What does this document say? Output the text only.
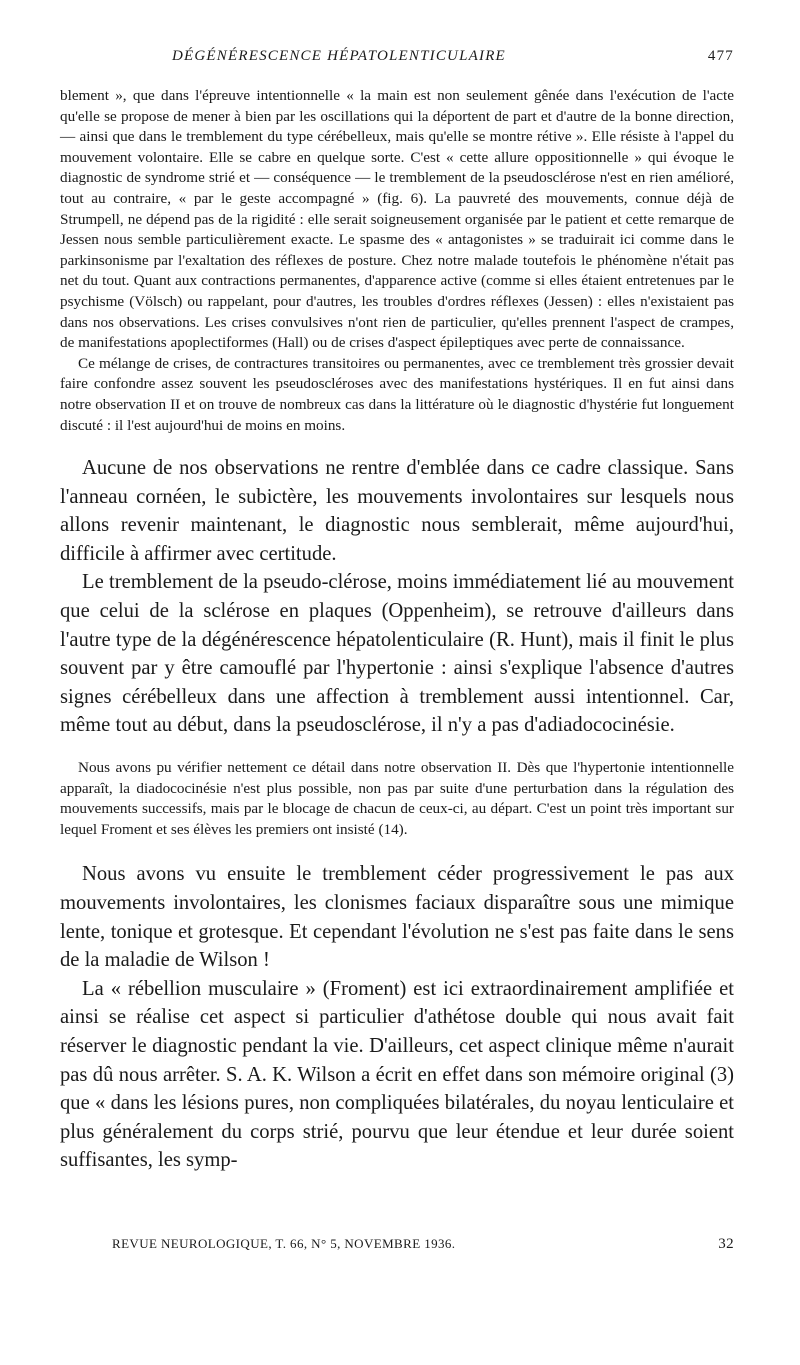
DÉGÉNÉRESCENCE HÉPATOLENTICULAIRE	477

blement », que dans l'épreuve intentionnelle « la main est non seulement gênée dans l'exécution de l'acte qu'elle se propose de mener à bien par les oscillations qui la déportent de part et d'autre de la bonne direction, — ainsi que dans le tremblement du type cérébelleux, mais qu'elle se montre rétive ». Elle résiste à l'appel du mouvement volontaire. Elle se cabre en quelque sorte. C'est « cette allure oppositionnelle » qui évoque le diagnostic de syndrome strié et — conséquence — le tremblement de la pseudosclérose n'est en rien amélioré, tout au contraire, « par le geste accompagné » (fig. 6). La pauvreté des mouvements, connue déjà de Strumpell, ne dépend pas de la rigidité : elle serait soigneusement organisée par le patient et cette remarque de Jessen nous semble particulièrement exacte. Le spasme des « antagonistes » se traduirait ici comme dans le parkinsonisme par l'exaltation des réflexes de posture. Chez notre malade toutefois le phénomène n'était pas net du tout. Quant aux contractions permanentes, d'apparence active (comme si elles étaient entretenues par le psychisme (Völsch) ou rappelant, pour d'autres, les troubles d'ordres réflexes (Jessen) : elles n'existaient pas dans nos observations. Les crises convulsives n'ont rien de particulier, qu'elles prennent l'aspect de crampes, de manifestations apoplectiformes (Hall) ou de crises d'aspect épileptiques avec perte de connaissance.

Ce mélange de crises, de contractures transitoires ou permanentes, avec ce tremblement très grossier devait faire confondre assez souvent les pseudoscléroses avec des manifestations hystériques. Il en fut ainsi dans notre observation II et on trouve de nombreux cas dans la littérature où le diagnostic d'hystérie fut longuement discuté : il l'est aujourd'hui de moins en moins.

Aucune de nos observations ne rentre d'emblée dans ce cadre classique. Sans l'anneau cornéen, le subictère, les mouvements involontaires sur lesquels nous allons revenir maintenant, le diagnostic nous semblerait, même aujourd'hui, difficile à affirmer avec certitude.

Le tremblement de la pseudo-clérose, moins immédiatement lié au mouvement que celui de la sclérose en plaques (Oppenheim), se retrouve d'ailleurs dans l'autre type de la dégénérescence hépatolenticulaire (R. Hunt), mais il finit le plus souvent par y être camouflé par l'hypertonie : ainsi s'explique l'absence d'autres signes cérébelleux dans une affection à tremblement aussi intentionnel. Car, même tout au début, dans la pseudosclérose, il n'y a pas d'adiadococinésie.

Nous avons pu vérifier nettement ce détail dans notre observation II. Dès que l'hypertonie intentionnelle apparaît, la diadococinésie n'est plus possible, non pas par suite d'une perturbation dans la régulation des mouvements successifs, mais par le blocage de chacun de ceux-ci, au départ. C'est un point très important sur lequel Froment et ses élèves les premiers ont insisté (14).

Nous avons vu ensuite le tremblement céder progressivement le pas aux mouvements involontaires, les clonismes faciaux disparaître sous une mimique lente, tonique et grotesque. Et cependant l'évolution ne s'est pas faite dans le sens de la maladie de Wilson !

La « rébellion musculaire » (Froment) est ici extraordinairement amplifiée et ainsi se réalise cet aspect si particulier d'athétose double qui nous avait fait réserver le diagnostic pendant la vie. D'ailleurs, cet aspect clinique même n'aurait pas dû nous arrêter. S. A. K. Wilson a écrit en effet dans son mémoire original (3) que « dans les lésions pures, non compliquées bilatérales, du noyau lenticulaire et plus généralement du corps strié, pourvu que leur étendue et leur durée soient suffisantes, les symp-

REVUE NEUROLOGIQUE, T. 66, N° 5, NOVEMBRE 1936.	32
